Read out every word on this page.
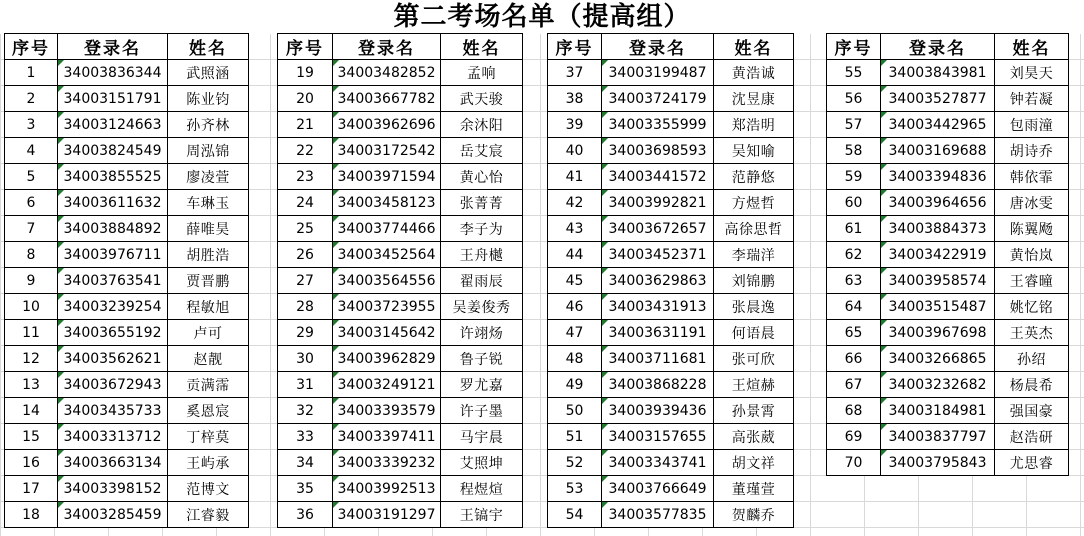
第二考场名单（提高组）
序号	登录名	姓名
1	34003836344	武照涵
2	34003151791	陈业钧
3	34003124663	孙齐林
4	34003824549	周泓锦
5	34003855525	廖凌萱
6	34003611632	车琳玉
7	34003884892	薛唯昊
8	34003976711	胡胜浩
9	34003763541	贾晋鹏
10	34003239254	程敏旭
11	34003655192	卢可
12	34003562621	赵靓
13	34003672943	贡满霈
14	34003435733	奚恩宸
15	34003313712	丁梓莫
16	34003663134	王屿承
17	34003398152	范博文
18	34003285459	江睿毅
序号	登录名	姓名
19	34003482852	孟响
20	34003667782	武天骏
21	34003962696	余沐阳
22	34003172542	岳艾宸
23	34003971594	黄心怡
24	34003458123	张菁菁
25	34003774466	李子为
26	34003452564	王舟樾
27	34003564556	翟雨辰
28	34003723955	吴姜俊秀
29	34003145642	许翊炀
30	34003962829	鲁子锐
31	34003249121	罗尤嘉
32	34003393579	许子墨
33	34003397411	马宇晨
34	34003339232	艾照坤
35	34003992513	程煜煊
36	34003191297	王镐宇
序号	登录名	姓名
37	34003199487	黄浩诚
38	34003724179	沈昱康
39	34003355999	郑浩明
40	34003698593	吴知喻
41	34003441572	范静悠
42	34003992821	方煜哲
43	34003672657	高徐思哲
44	34003452371	李瑞洋
45	34003629863	刘锦鹏
46	34003431913	张晨逸
47	34003631191	何语晨
48	34003711681	张可欣
49	34003868228	王煊赫
50	34003939436	孙景霄
51	34003157655	高张葳
52	34003343741	胡文祥
53	34003766649	董瑾萱
54	34003577835	贺麟乔
序号	登录名	姓名
55	34003843981	刘昊天
56	34003527877	钟若凝
57	34003442965	包雨潼
58	34003169688	胡诗乔
59	34003394836	韩依霏
60	34003964656	唐冰雯
61	34003884373	陈翼飏
62	34003422919	黄怡岚
63	34003958574	王睿曈
64	34003515487	姚忆铭
65	34003967698	王英杰
66	34003266865	孙绍
67	34003232682	杨晨希
68	34003184981	强国豪
69	34003837797	赵浩研
70	34003795843	尤思睿
